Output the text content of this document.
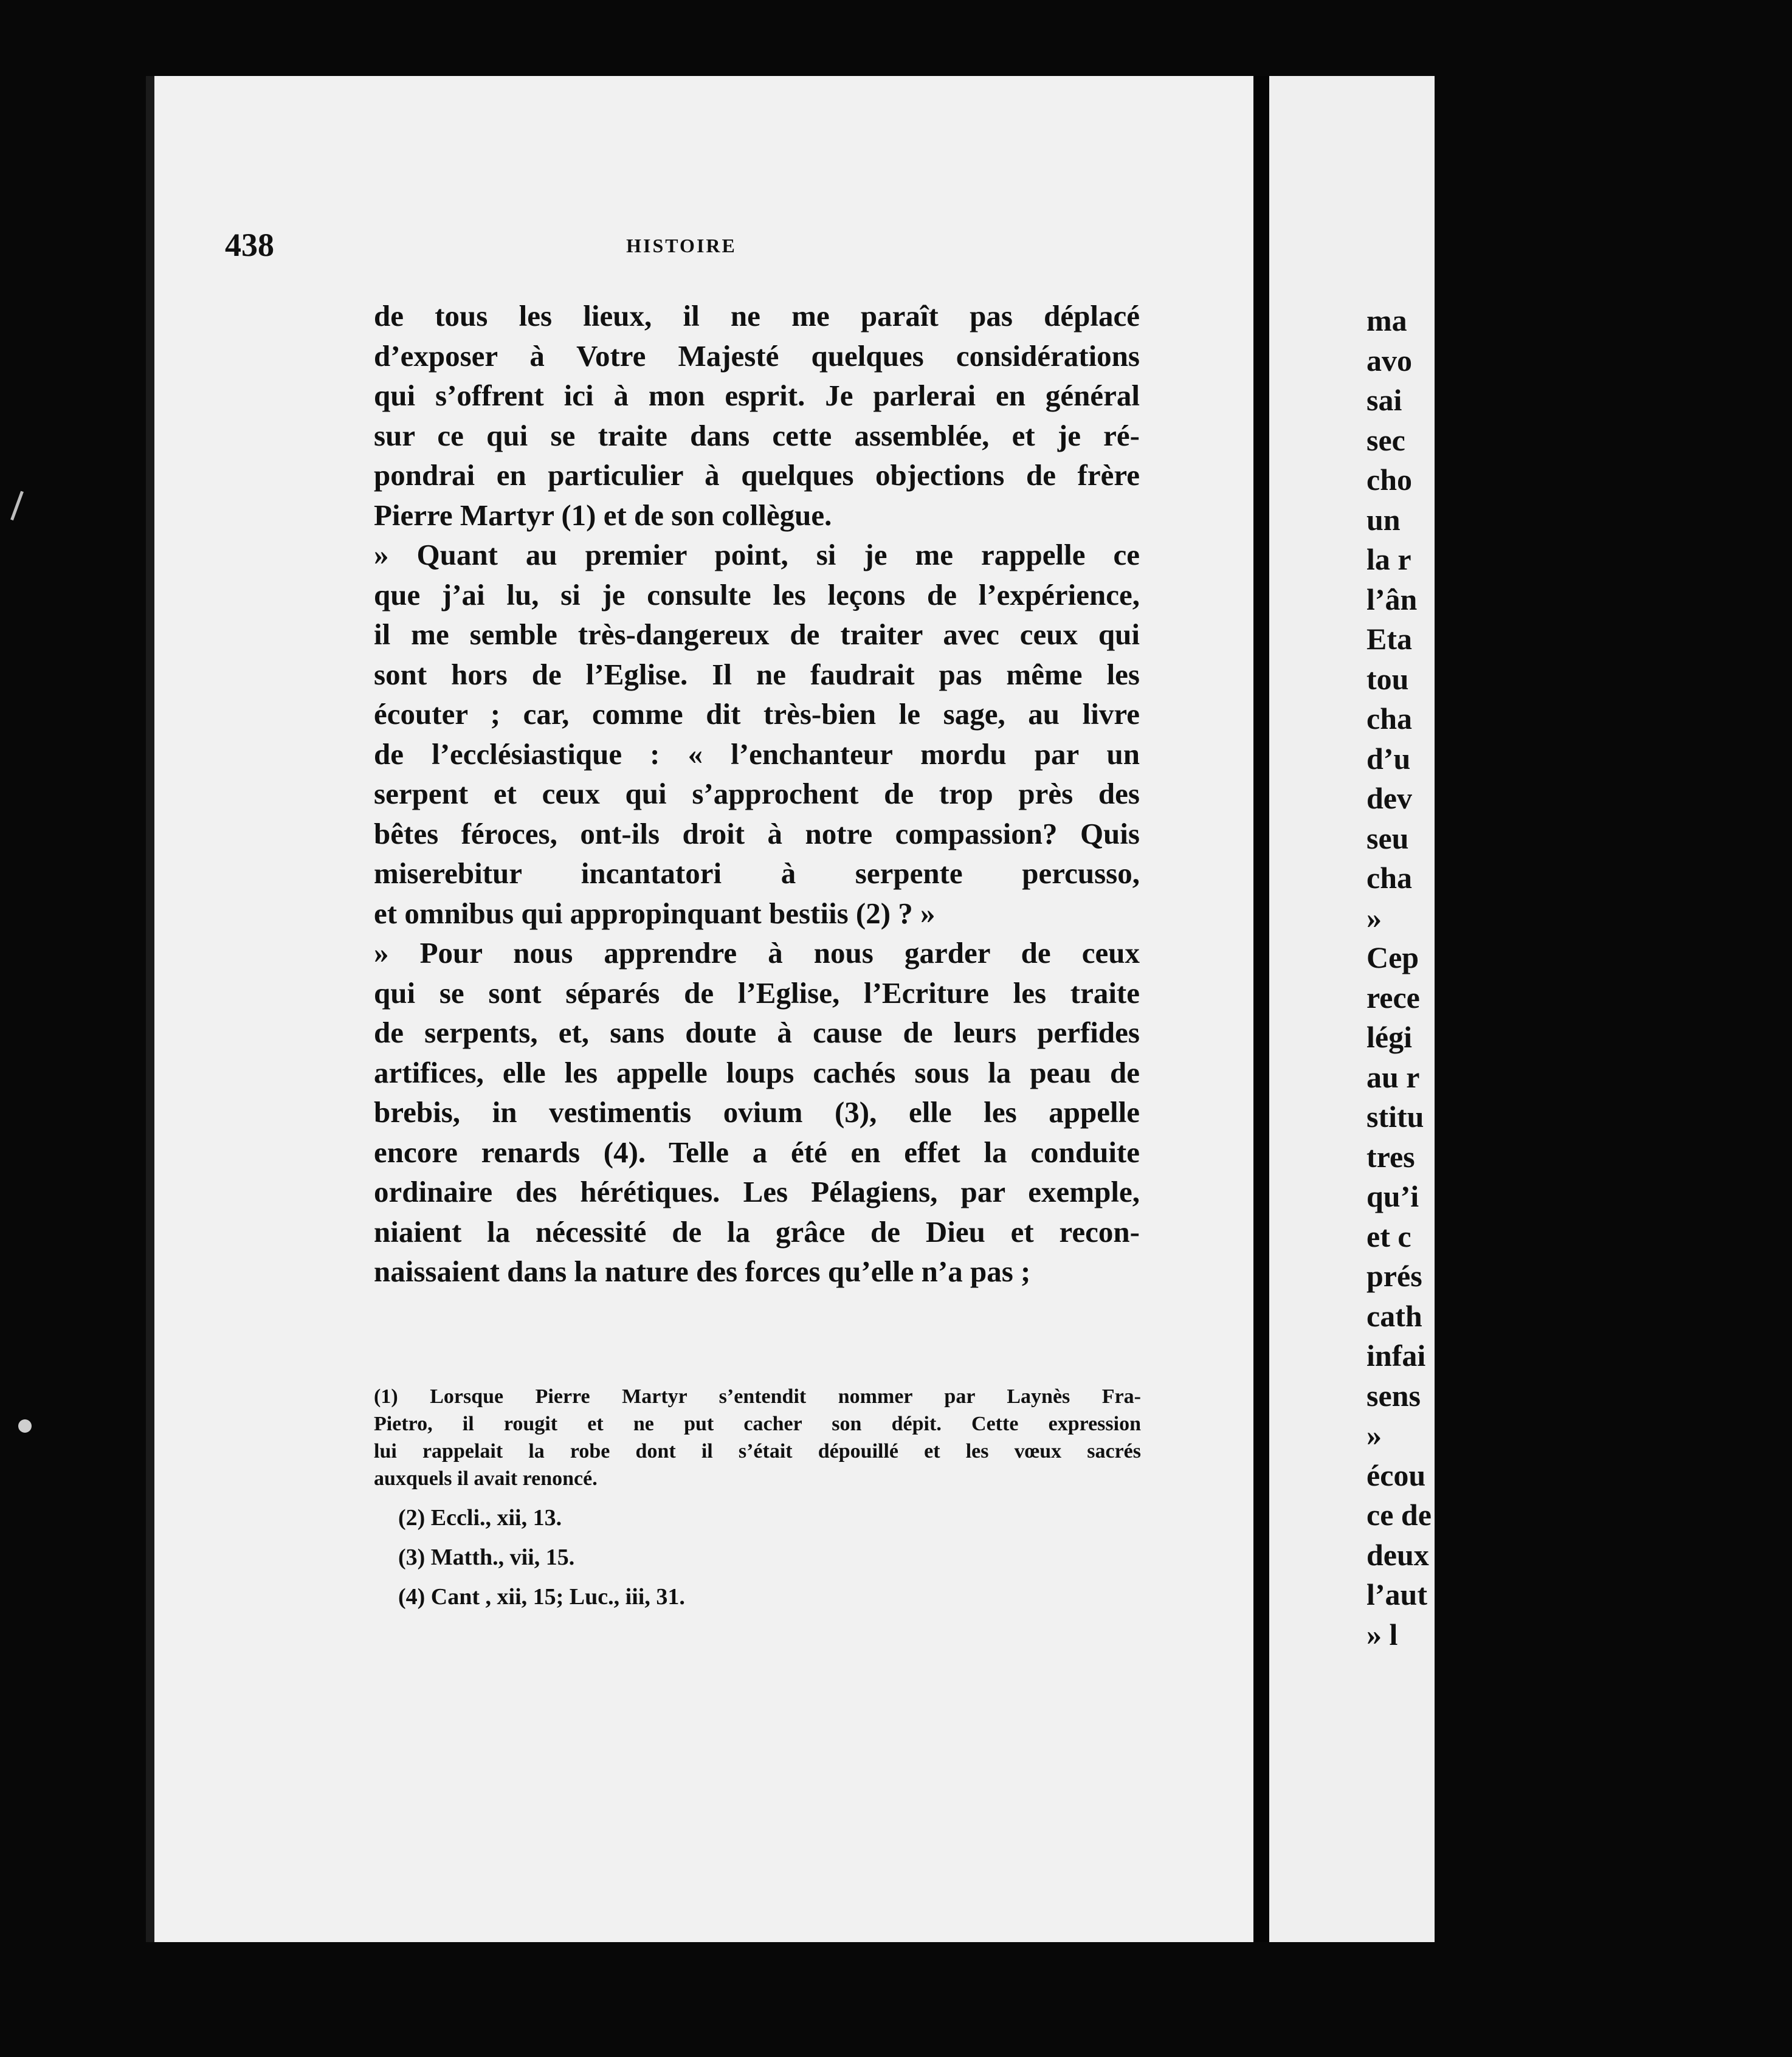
438	HISTOIRE
de tous les lieux, il ne me paraît pas déplacé
d’exposer à Votre Majesté quelques considérations
qui s’offrent ici à mon esprit. Je parlerai en général
sur ce qui se traite dans cette assemblée, et je ré-
pondrai en particulier à quelques objections de frère
Pierre Martyr (1) et de son collègue.
» Quant au premier point, si je me rappelle ce
que j’ai lu, si je consulte les leçons de l’expérience,
il me semble très-dangereux de traiter avec ceux qui
sont hors de l’Eglise. Il ne faudrait pas même les
écouter ; car, comme dit très-bien le sage, au livre
de l’ecclésiastique : « l’enchanteur mordu par un
serpent et ceux qui s’approchent de trop près des
bêtes féroces, ont-ils droit à notre compassion? Quis
miserebitur incantatori à serpente percusso,
et omnibus qui appropinquant bestiis (2) ? »
» Pour nous apprendre à nous garder de ceux
qui se sont séparés de l’Eglise, l’Ecriture les traite
de serpents, et, sans doute à cause de leurs perfides
artifices, elle les appelle loups cachés sous la peau de
brebis, in vestimentis ovium (3), elle les appelle
encore renards (4). Telle a été en effet la conduite
ordinaire des hérétiques. Les Pélagiens, par exemple,
niaient la nécessité de la grâce de Dieu et recon-
naissaient dans la nature des forces qu’elle n’a pas ;
(1) Lorsque Pierre Martyr s’entendit nommer par Laynès Fra-
Pietro, il rougit et ne put cacher son dépit. Cette expression
lui rappelait la robe dont il s’était dépouillé et les vœux sacrés
auxquels il avait renoncé.
(2) Eccli., xii, 13.
(3) Matth., vii, 15.
(4) Cant , xii, 15; Luc., iii, 31.
ma
avo
sai
sec
cho
un
la r
l’ân
Eta
tou
cha
d’u
dev
seu
cha
»
Cep
rece
légi
au r
stitu
tres
qu’i
et c
prés
cath
infai
sens
»
écou
ce de
deux
l’aut
» l
